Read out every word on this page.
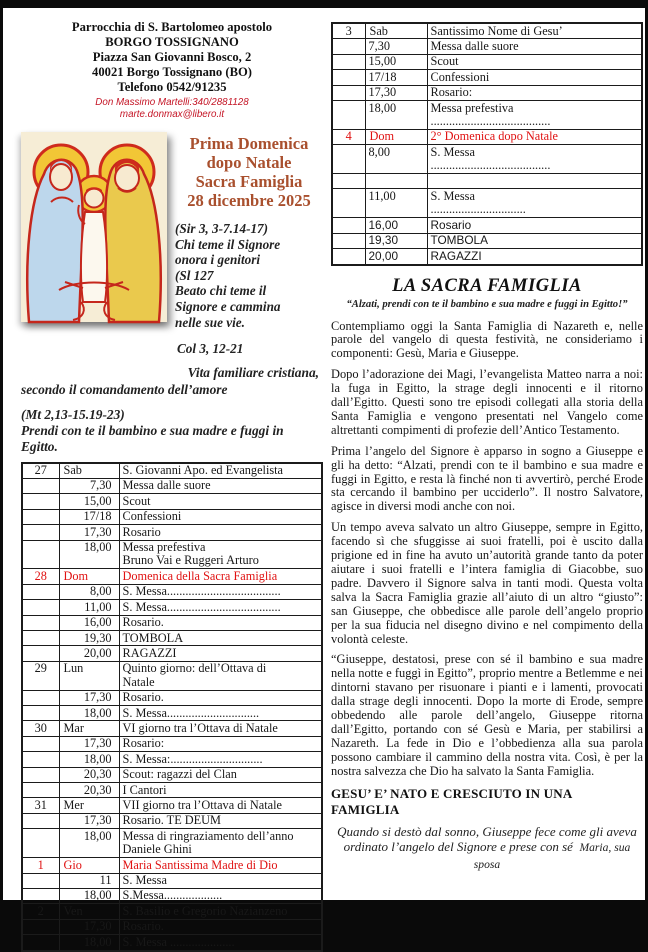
Parrocchia di S. Bartolomeo apostolo
BORGO TOSSIGNANO
Piazza San Giovanni Bosco, 2
40021 Borgo Tossignano (BO)
Telefono 0542/91235
Don Massimo Martelli:340/2881128
marte.donmax@libero.it
Prima Domenica
dopo Natale
Sacra Famiglia
28 dicembre 2025
(Sir 3, 3-7.14-17)
Chi teme il Signore
onora i genitori
(Sl 127
Beato chi teme il
Signore e cammina
nelle sue vie.
Col 3, 12-21
Vita familiare cristiana,
secondo il comandamento dell’amore
(Mt 2,13-15.19-23)
Prendi con te il bambino e sua madre e fuggi in Egitto.
27	Sab	S. Giovanni Apo. ed Evangelista

	7,30	Messa dalle suore

	15,00	Scout

	17/18	Confessioni

	17,30	Rosario

	18,00	Messa prefestiva
Bruno Vai e Ruggeri Arturo

28	Dom	Domenica della Sacra Famiglia

	8,00	S. Messa.....................................

	11,00	S. Messa.....................................

	16,00	Rosario.

	19,30	TOMBOLA

	20,00	RAGAZZI

29	Lun	Quinto giorno: dell’Ottava di
Natale

	17,30	Rosario.

	18,00	S. Messa..............................

30	Mar	VI giorno tra l’Ottava di Natale

	17,30	Rosario:

	18,00	S. Messa:..............................

	20,30	Scout: ragazzi del Clan

	20,30	I Cantori

31	Mer	VII giorno tra l’Ottava di Natale

	17,30	Rosario. TE DEUM

	18,00	Messa di ringraziamento dell’anno
Daniele Ghini

1	Gio	Maria Santissima Madre di Dio

	11	S. Messa

	18,00	S.Messa...................

2	Ven	S. Basilio e Gregorio Nazianzeno

	17,30	Rosario.

	18,00	S. Messa .....................
3	Sab	Santissimo Nome di Gesu’

	7,30	Messa dalle suore

	15,00	Scout

	17/18	Confessioni

	17,30	Rosario:

	18,00	Messa prefestiva
.......................................

4	Dom	2° Domenica dopo Natale

	8,00	S. Messa
.......................................

	11,00	S. Messa
...............................

	16,00	Rosario

	19,30	TOMBOLA

	20,00	RAGAZZI
LA SACRA FAMIGLIA
“Alzati, prendi con te il bambino e sua madre e fuggi in Egitto!”

Contempliamo oggi la Santa Famiglia di Nazareth e, nelle parole del vangelo di questa festività, ne consideriamo i componenti: Gesù, Maria e Giuseppe.

Dopo l’adorazione dei Magi, l’evangelista Matteo narra a noi: la fuga in Egitto, la strage degli innocenti e il ritorno dall’Egitto. Questi sono tre episodi collegati alla storia della Santa Famiglia e vengono presentati nel Vangelo come altrettanti compimenti di profezie dell’Antico Testamento.

Prima l’angelo del Signore è apparso in sogno a Giuseppe e gli ha detto: “Alzati, prendi con te il bambino e sua madre e fuggi in Egitto, e resta là finché non ti avvertirò, perché Erode sta cercando il bambino per ucciderlo”. Il nostro Salvatore, agisce in diversi modi anche con noi.

Un tempo aveva salvato un altro Giuseppe, sempre in Egitto, facendo sì che sfuggisse ai suoi fratelli, poi è uscito dalla prigione ed in fine ha avuto un’autorità grande tanto da poter aiutare i suoi fratelli e l’intera famiglia di Giacobbe, suo padre. Davvero il Signore salva in tanti modi. Questa volta salva la Sacra Famiglia grazie all’aiuto di un altro “giusto”: san Giuseppe, che obbedisce alle parole dell’angelo proprio per la sua fiducia nel disegno divino e nel compimento della volontà celeste.

“Giuseppe, destatosi, prese con sé il bambino e sua madre nella notte e fuggì in Egitto”, proprio mentre a Betlemme e nei dintorni stavano per risuonare i pianti e i lamenti, provocati dalla strage degli innocenti. Dopo la morte di Erode, sempre obbedendo alle parole dell’angelo, Giuseppe ritorna dall’Egitto, portando con sé Gesù e Maria, per stabilirsi a Nazareth. La fede in Dio e l’obbedienza alla sua parola possono cambiare il cammino della nostra vita. Così, è per la nostra salvezza che Dio ha salvato la Santa Famiglia.

GESU’ E’ NATO E CRESCIUTO IN UNA FAMIGLIA
Quando si destò dal sonno, Giuseppe fece come gli aveva ordinato l’angelo del Signore e prese con sé  Maria, sua sposa
